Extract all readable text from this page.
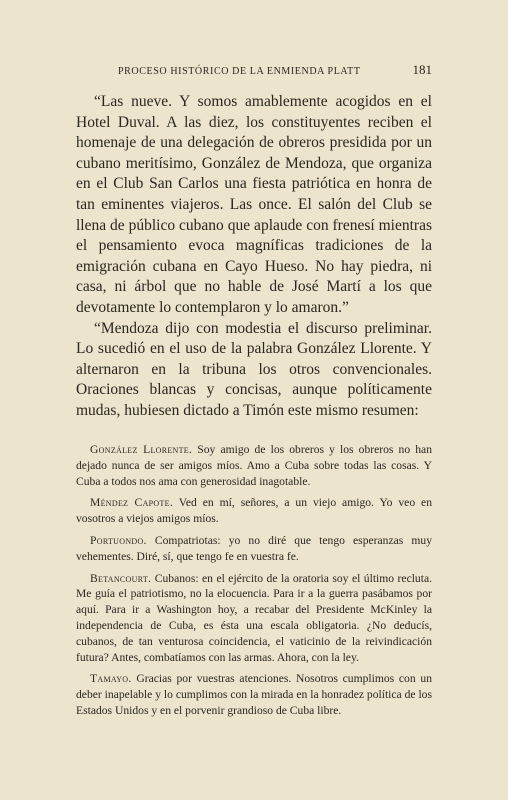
PROCESO HISTÓRICO DE LA ENMIENDA PLATT	181

“Las nueve. Y somos amablemente acogidos en el Hotel Duval. A las diez, los constituyentes reciben el homenaje de una delegación de obreros presidida por un cubano meritísimo, González de Mendoza, que organiza en el Club San Carlos una fiesta patriótica en honra de tan eminentes viajeros. Las once. El salón del Club se llena de público cubano que aplaude con frenesí mientras el pensamiento evoca magníficas tradiciones de la emigración cubana en Cayo Hueso. No hay piedra, ni casa, ni árbol que no hable de José Martí a los que devotamente lo contemplaron y lo amaron.”

“Mendoza dijo con modestia el discurso preliminar. Lo sucedió en el uso de la palabra González Llorente. Y alternaron en la tribuna los otros convencionales. Oraciones blancas y concisas, aunque políticamente mudas, hubiesen dictado a Timón este mismo resumen:

González Llorente. Soy amigo de los obreros y los obreros no han dejado nunca de ser amigos míos. Amo a Cuba sobre todas las cosas. Y Cuba a todos nos ama con generosidad inagotable.

Méndez Capote. Ved en mí, señores, a un viejo amigo. Yo veo en vosotros a viejos amigos míos.

Portuondo. Compatriotas: yo no diré que tengo esperanzas muy vehementes. Diré, sí, que tengo fe en vuestra fe.

Betancourt. Cubanos: en el ejército de la oratoria soy el último recluta. Me guía el patriotismo, no la elocuencia. Para ir a la guerra pasábamos por aquí. Para ir a Washington hoy, a recabar del Presidente McKinley la independencia de Cuba, es ésta una escala obligatoria. ¿No deducís, cubanos, de tan venturosa coincidencia, el vaticinio de la reivindicación futura? Antes, combatíamos con las armas. Ahora, con la ley.

Tamayo. Gracias por vuestras atenciones. Nosotros cumplimos con un deber inapelable y lo cumplimos con la mirada en la honradez política de los Estados Unidos y en el porvenir grandioso de Cuba libre.
